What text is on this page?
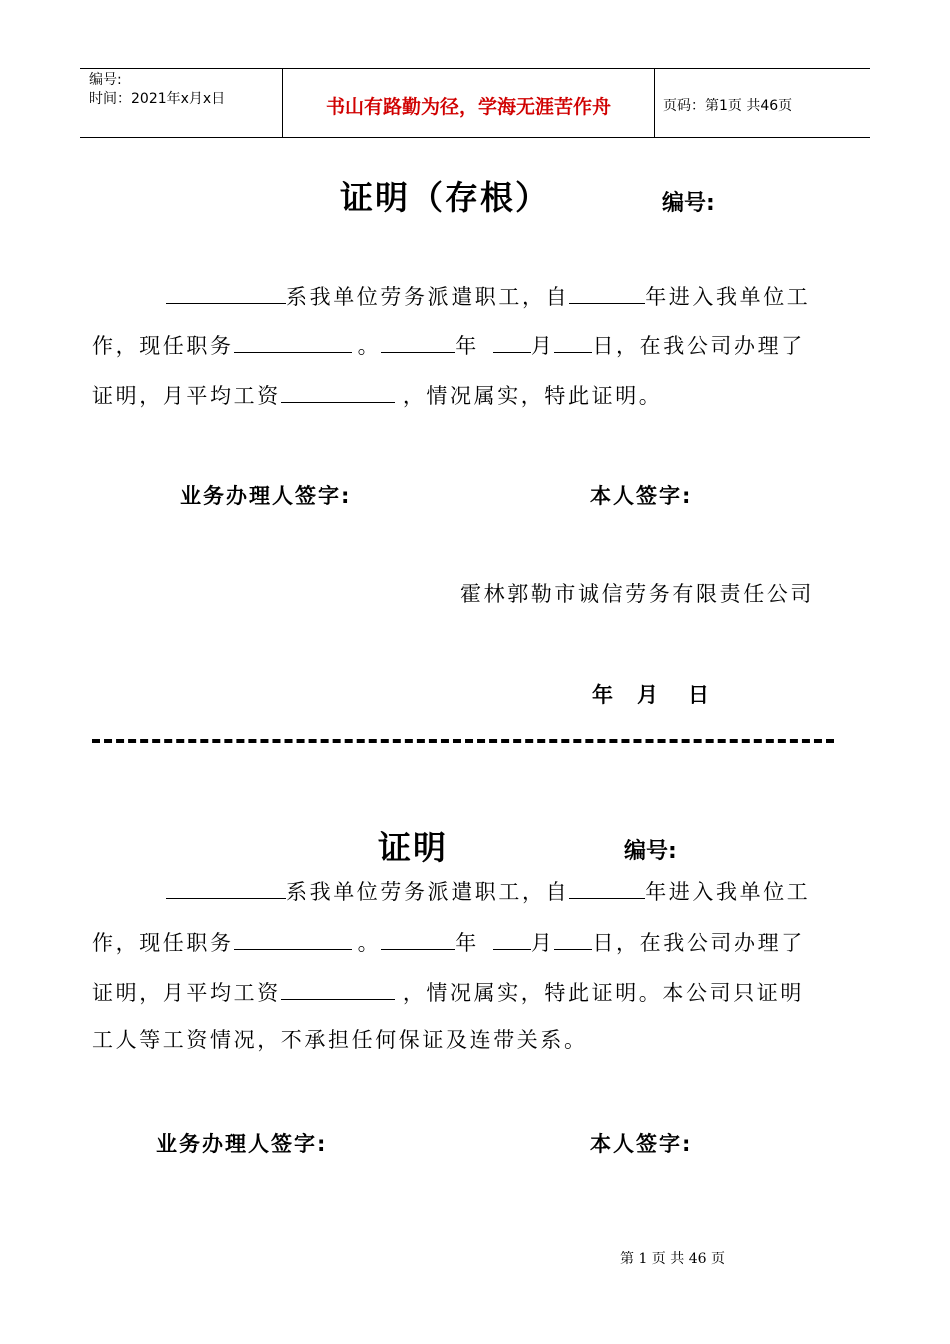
编号:
时间：2021年x月x日	书山有路勤为径，学海无涯苦作舟	页码：第1页 共46页
证明（存根）	编号:
系我单位劳务派遣职工，自	年进入我单位工
作，现任职务	。	年 月 日，在我公司办理了
证明，月平均工资	，情况属实，特此证明。
业务办理人签字:	本人签字:
霍林郭勒市诚信劳务有限责任公司
年 月 日
证明	编号:
系我单位劳务派遣职工，自	年进入我单位工
作，现任职务	。	年 月 日，在我公司办理了
证明，月平均工资	，情况属实，特此证明。本公司只证明
工人等工资情况，不承担任何保证及连带关系。
业务办理人签字:	本人签字:
第 1 页 共 46 页
